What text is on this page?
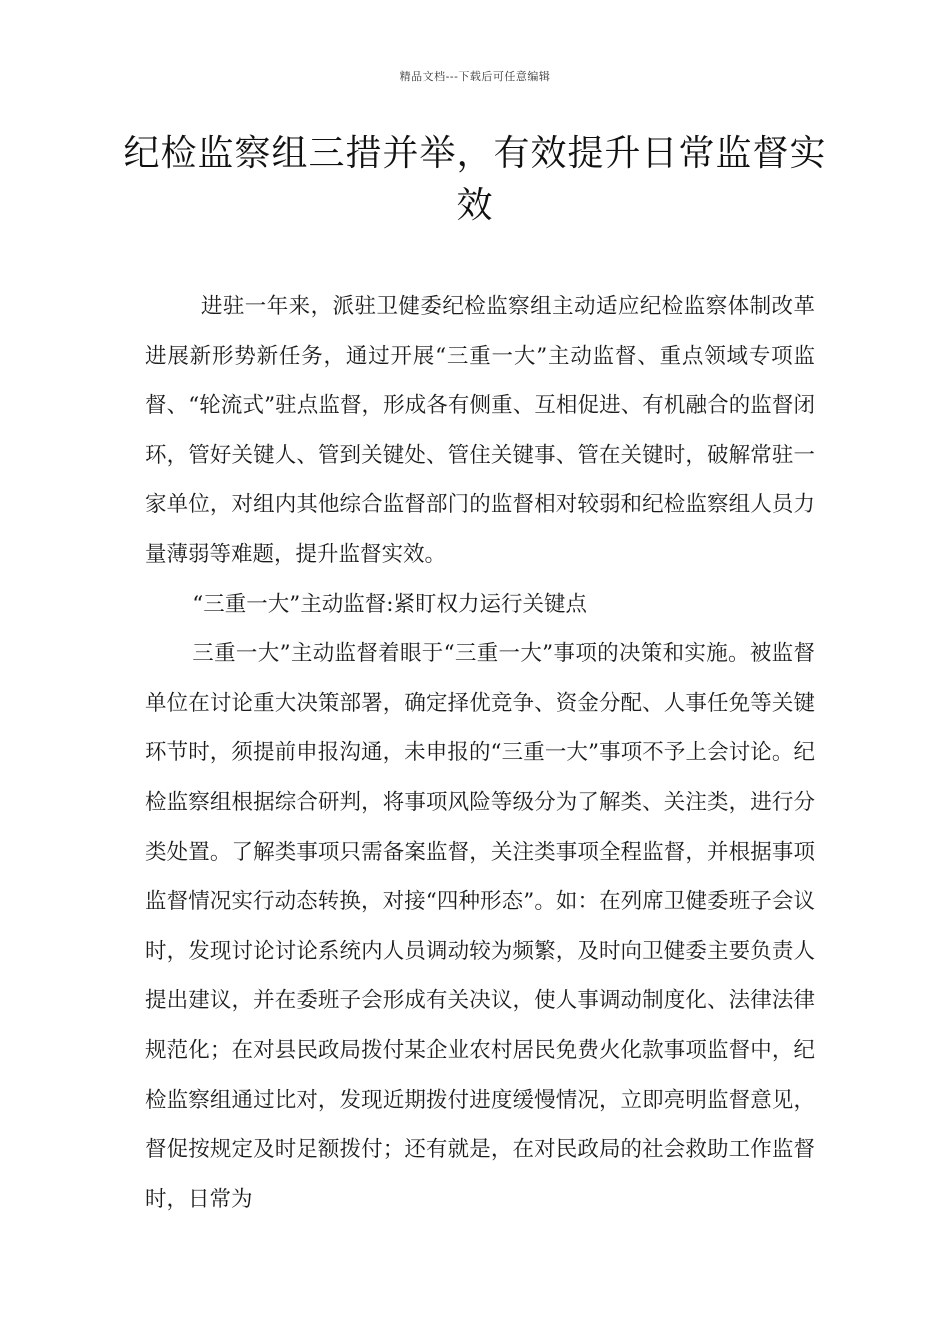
精品文档---下载后可任意编辑
纪检监察组三措并举，有效提升日常监督实效

进驻一年来，派驻卫健委纪检监察组主动适应纪检监察体制改革进展新形势新任务，通过开展“三重一大”主动监督、重点领域专项监督、“轮流式”驻点监督，形成各有侧重、互相促进、有机融合的监督闭环，管好关键人、管到关键处、管住关键事、管在关键时，破解常驻一家单位，对组内其他综合监督部门的监督相对较弱和纪检监察组人员力量薄弱等难题，提升监督实效。

“三重一大”主动监督:紧盯权力运行关键点

三重一大”主动监督着眼于“三重一大”事项的决策和实施。被监督单位在讨论重大决策部署，确定择优竞争、资金分配、人事任免等关键环节时，须提前申报沟通，未申报的“三重一大”事项不予上会讨论。纪检监察组根据综合研判，将事项风险等级分为了解类、关注类，进行分类处置。了解类事项只需备案监督，关注类事项全程监督，并根据事项监督情况实行动态转换，对接“四种形态”。如：在列席卫健委班子会议时，发现讨论讨论系统内人员调动较为频繁，及时向卫健委主要负责人提出建议，并在委班子会形成有关决议，使人事调动制度化、法律法律规范化；在对县民政局拨付某企业农村居民免费火化款事项监督中，纪检监察组通过比对，发现近期拨付进度缓慢情况，立即亮明监督意见，督促按规定及时足额拨付；还有就是，在对民政局的社会救助工作监督时，日常为
